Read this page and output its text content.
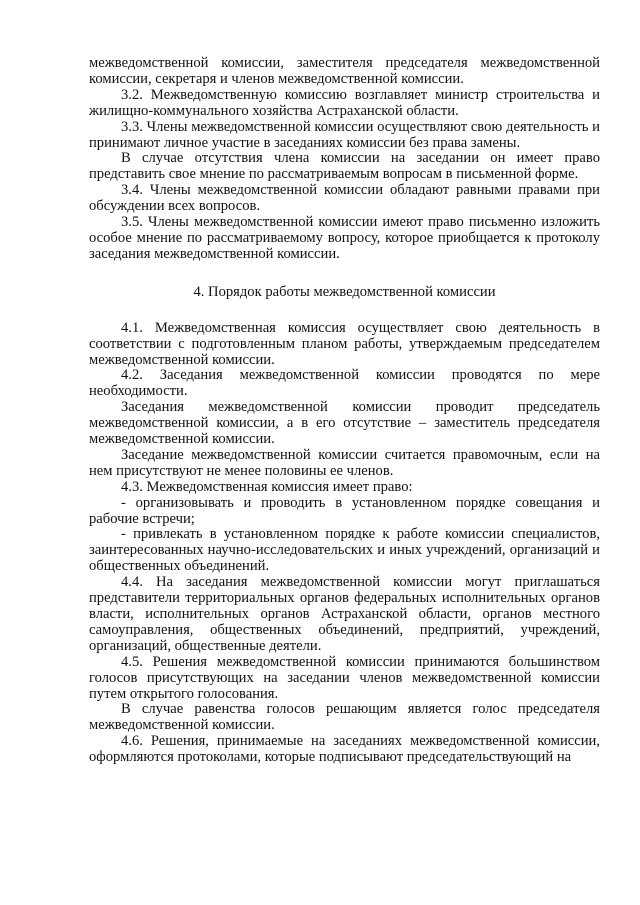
межведомственной комиссии, заместителя председателя межведомственной комиссии, секретаря и членов межведомственной комиссии.

3.2. Межведомственную комиссию возглавляет министр строительства и жилищно-коммунального хозяйства Астраханской области.

3.3. Члены межведомственной комиссии осуществляют свою деятельность и принимают личное участие в заседаниях комиссии без права замены.

В случае отсутствия члена комиссии на заседании он имеет право представить свое мнение по рассматриваемым вопросам в письменной форме.

3.4. Члены межведомственной комиссии обладают равными правами при обсуждении всех вопросов.

3.5. Члены межведомственной комиссии имеют право письменно изложить особое мнение по рассматриваемому вопросу, которое приобщается к протоколу заседания межведомственной комиссии.

4. Порядок работы межведомственной комиссии

4.1. Межведомственная комиссия осуществляет свою деятельность в соответствии с подготовленным планом работы, утверждаемым председателем межведомственной комиссии.

4.2. Заседания межведомственной комиссии проводятся по мере необходимости.

Заседания межведомственной комиссии проводит председатель межведомственной комиссии, а в его отсутствие – заместитель председателя межведомственной комиссии.

Заседание межведомственной комиссии считается правомочным, если на нем присутствуют не менее половины ее членов.

4.3. Межведомственная комиссия имеет право:

- организовывать и проводить в установленном порядке совещания и рабочие встречи;

- привлекать в установленном порядке к работе комиссии специалистов, заинтересованных научно-исследовательских и иных учреждений, организаций и общественных объединений.

4.4. На заседания межведомственной комиссии могут приглашаться представители территориальных органов федеральных исполнительных органов власти, исполнительных органов Астраханской области, органов местного самоуправления, общественных объединений, предприятий, учреждений, организаций, общественные деятели.

4.5. Решения межведомственной комиссии принимаются большинством голосов присутствующих на заседании членов межведомственной комиссии путем открытого голосования.

В случае равенства голосов решающим является голос председателя межведомственной комиссии.

4.6. Решения, принимаемые на заседаниях межведомственной комиссии, оформляются протоколами, которые подписывают председательствующий на
